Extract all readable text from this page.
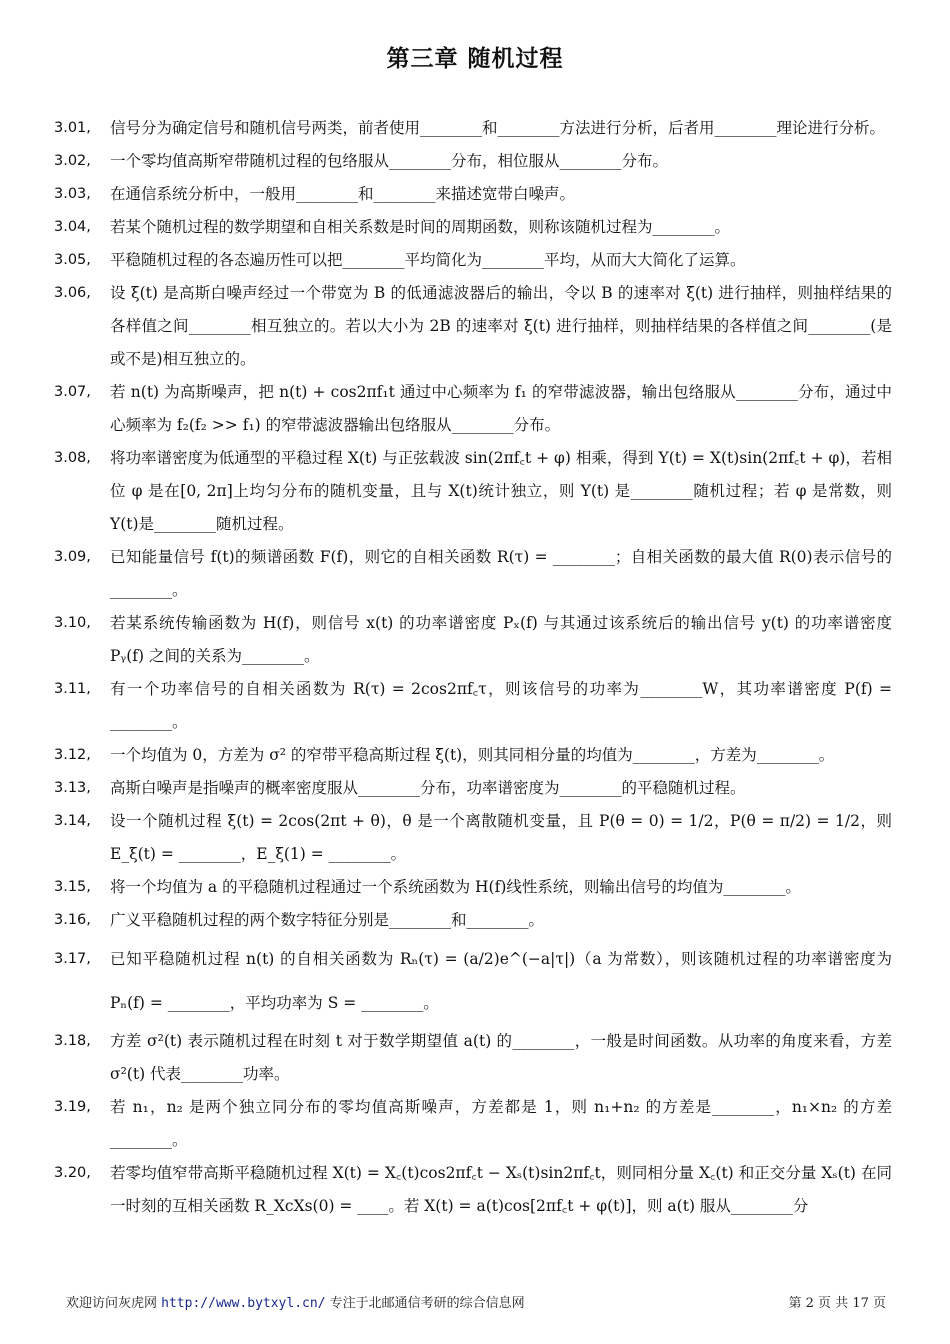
第三章 随机过程
3.01, 信号分为确定信号和随机信号两类，前者使用________和________方法进行分析，后者用________理论进行分析。
3.02, 一个零均值高斯窄带随机过程的包络服从________分布，相位服从________分布。
3.03, 在通信系统分析中，一般用________和________来描述宽带白噪声。
3.04, 若某个随机过程的数学期望和自相关系数是时间的周期函数，则称该随机过程为________。
3.05, 平稳随机过程的各态遍历性可以把________平均简化为________平均，从而大大简化了运算。
3.06, 设 ξ(t) 是高斯白噪声经过一个带宽为 B 的低通滤波器后的输出，令以 B 的速率对 ξ(t) 进行抽样，则抽样结果的各样值之间________相互独立的。若以大小为 2B 的速率对 ξ(t) 进行抽样，则抽样结果的各样值之间________(是或不是)相互独立的。
3.07, 若 n(t) 为高斯噪声，把 n(t) + cos2πf₁t 通过中心频率为 f₁ 的窄带滤波器，输出包络服从________分布，通过中心频率为 f₂(f₂ >> f₁) 的窄带滤波器输出包络服从________分布。
3.08, 将功率谱密度为低通型的平稳过程 X(t) 与正弦载波 sin(2πf꜀t + φ) 相乘，得到 Y(t) = X(t)sin(2πf꜀t + φ)，若相位 φ 是在[0, 2π]上均匀分布的随机变量，且与 X(t)统计独立，则 Y(t) 是________随机过程；若 φ 是常数，则 Y(t)是________随机过程。
3.09, 已知能量信号 f(t)的频谱函数 F(f)，则它的自相关函数 R(τ) = ________；自相关函数的最大值 R(0)表示信号的________。
3.10, 若某系统传输函数为 H(f)，则信号 x(t) 的功率谱密度 Pₓ(f) 与其通过该系统后的输出信号 y(t) 的功率谱密度 Pᵧ(f) 之间的关系为________。
3.11, 有一个功率信号的自相关函数为 R(τ) = 2cos2πf꜀τ，则该信号的功率为________W，其功率谱密度 P(f) = ________。
3.12, 一个均值为 0，方差为 σ² 的窄带平稳高斯过程 ξ(t)，则其同相分量的均值为________，方差为________。
3.13, 高斯白噪声是指噪声的概率密度服从________分布，功率谱密度为________的平稳随机过程。
3.14, 设一个随机过程 ξ(t) = 2cos(2πt + θ)，θ 是一个离散随机变量，且 P(θ = 0) = 1/2，P(θ = π/2) = 1/2，则 E_ξ(t) = ________，E_ξ(1) = ________。
3.15, 将一个均值为 a 的平稳随机过程通过一个系统函数为 H(f)线性系统，则输出信号的均值为________。
3.16, 广义平稳随机过程的两个数字特征分别是________和________。
3.17, 已知平稳随机过程 n(t) 的自相关函数为 Rₙ(τ) = (a/2)e^(−a|τ|)（a 为常数），则该随机过程的功率谱密度为 Pₙ(f) = ________，平均功率为 S = ________。
3.18, 方差 σ²(t) 表示随机过程在时刻 t 对于数学期望值 a(t) 的________，一般是时间函数。从功率的角度来看，方差 σ²(t) 代表________功率。
3.19, 若 n₁，n₂ 是两个独立同分布的零均值高斯噪声，方差都是 1，则 n₁+n₂ 的方差是________，n₁×n₂ 的方差________。
3.20, 若零均值窄带高斯平稳随机过程 X(t) = X꜀(t)cos2πf꜀t − Xₛ(t)sin2πf꜀t，则同相分量 X꜀(t) 和正交分量 Xₛ(t) 在同一时刻的互相关函数 R_XcXs(0) = ____。若 X(t) = a(t)cos[2πf꜀t + φ(t)]，则 a(t) 服从________分
欢迎访问灰虎网 http://www.bytxyl.cn/ 专注于北邮通信考研的综合信息网	第 2 页 共 17 页
